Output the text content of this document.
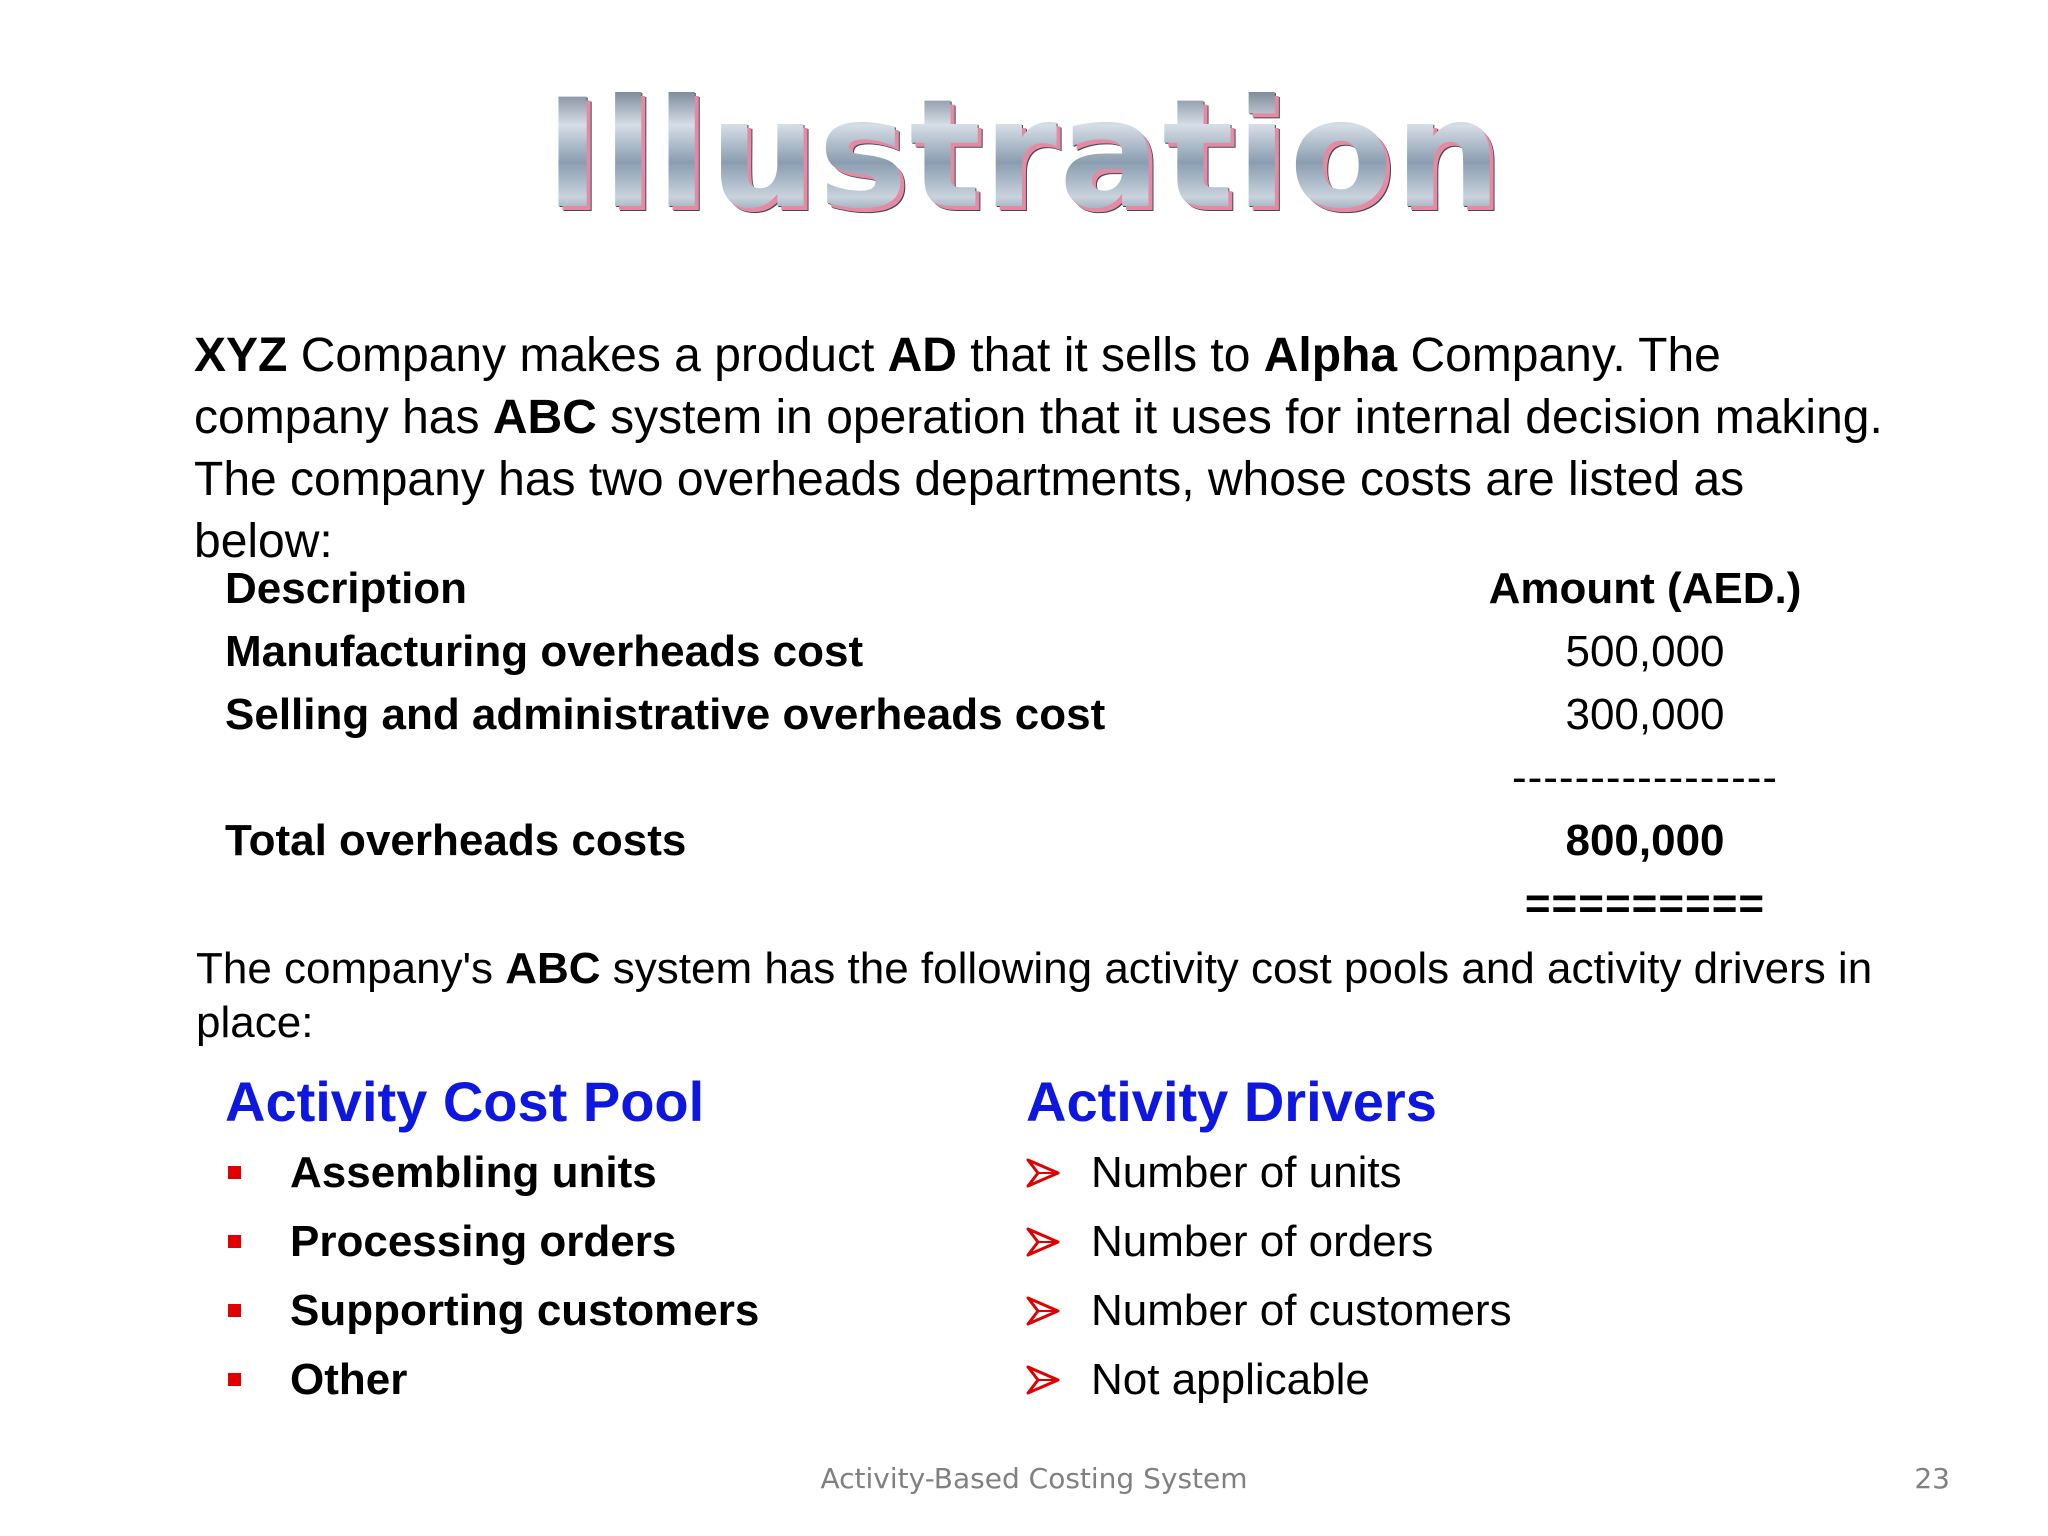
Illustration

XYZ Company makes a product AD that it sells to Alpha Company. The company has ABC system in operation that it uses for internal decision making. The company has two overheads departments, whose costs are listed as below:

Description	Amount (AED.)
Manufacturing overheads cost	500,000
Selling and administrative overheads cost	300,000
-----------------
Total overheads costs	800,000
=========

The company's ABC system has the following activity cost pools and activity drivers in place:

Activity Cost Pool
Assembling units
Processing orders
Supporting customers
Other
Activity Drivers
Number of units
Number of orders
Number of customers
Not applicable
Activity-Based Costing System	23
